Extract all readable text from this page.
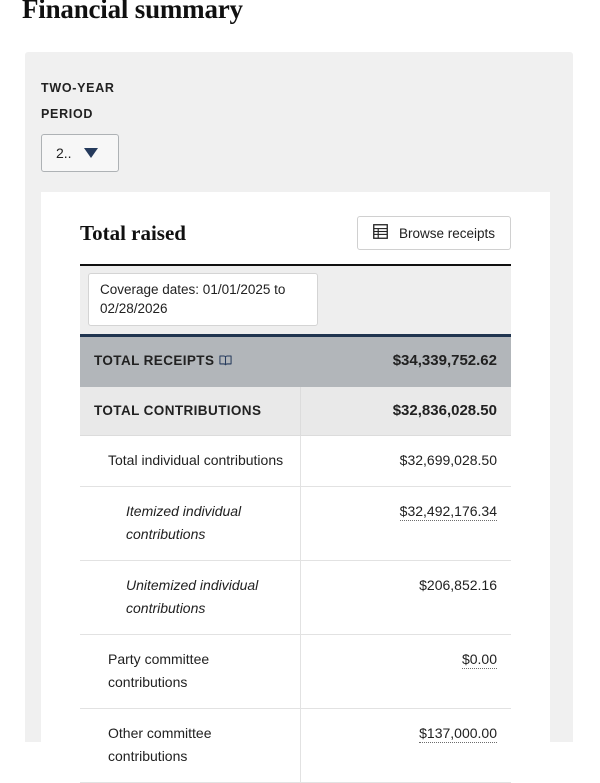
Financial summary
TWO-YEAR
PERIOD
2..
Total raised	Browse receipts
Coverage dates: 01/01/2025 to 02/28/2026
TOTAL RECEIPTS	$34,339,752.62
TOTAL CONTRIBUTIONS	$32,836,028.50
Total individual contributions	$32,699,028.50
Itemized individual contributions	$32,492,176.34
Unitemized individual contributions	$206,852.16
Party committee contributions	$0.00
Other committee contributions	$137,000.00
